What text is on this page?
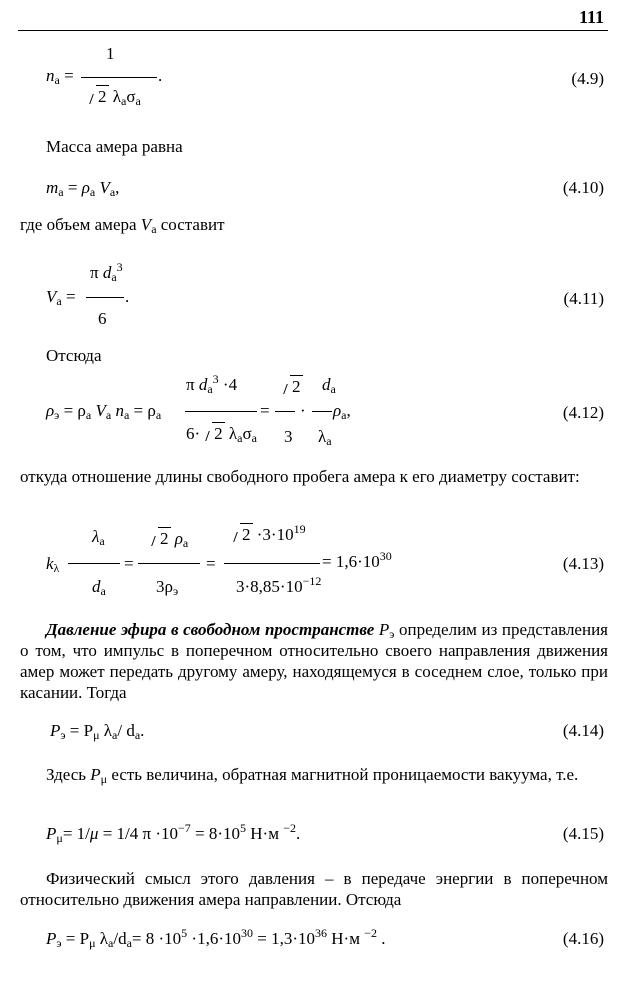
111
1
$n_а$ =	.
2 $\lambda_а\sigma_а$
(4.9)
Масса амера равна
$m_а = \rho_а$ $V_а$,	(4.10)
где объем амера $V_а$ составит
π $d_а^3$
$V_а$ =	.
6
(4.11)
Отсюда
π $d_а^3 \cdot 4$	2 $d_а$
$\rho_э = \rho_а$ $V_а$ $n_а = \rho_а$	= · $\rho_а$,
6· 2 $\lambda_а\sigma_а$ 3 $\lambda_а$
(4.12)
откуда отношение длины свободного пробега амера к его диаметру составит:
$\lambda_а$	2 $\rho_а$	$2 \cdot 3\cdot 10^{19}$
$k_\lambda$	=	=	= $1,6\cdot 10^{30}$
$d_а$	$3\rho_э$	$3\cdot 8,85\cdot 10^{-12}$
(4.13)
Давление эфира в свободном пространстве $Р_э$ определим из представления о том, что импульс в поперечном относительно своего направления движения амер может передать другому амеру, находящемуся в соседнем слое, только при касании. Тогда
$P_э = P_\mu$ $\lambda_а/$ $d_а$.	(4.14)
Здесь $P_\mu$ есть величина, обратная магнитной проницаемости вакуума, т.е.
$P_\mu= 1/\mu = 1/4$ $\pi \cdot 10^{-7} = 8\cdot 10^5$ Н·м $^{-2}$.	(4.15)
Физический смысл этого давления – в передаче энергии в поперечном относительно движения амера направлении. Отсюда
$P_э = P_\mu$ $\lambda_а/d_а= 8 \cdot 10^5 \cdot 1,6\cdot 10^{30} = 1,3\cdot 10^{36}$ Н·м $^{-2}$ .	(4.16)
